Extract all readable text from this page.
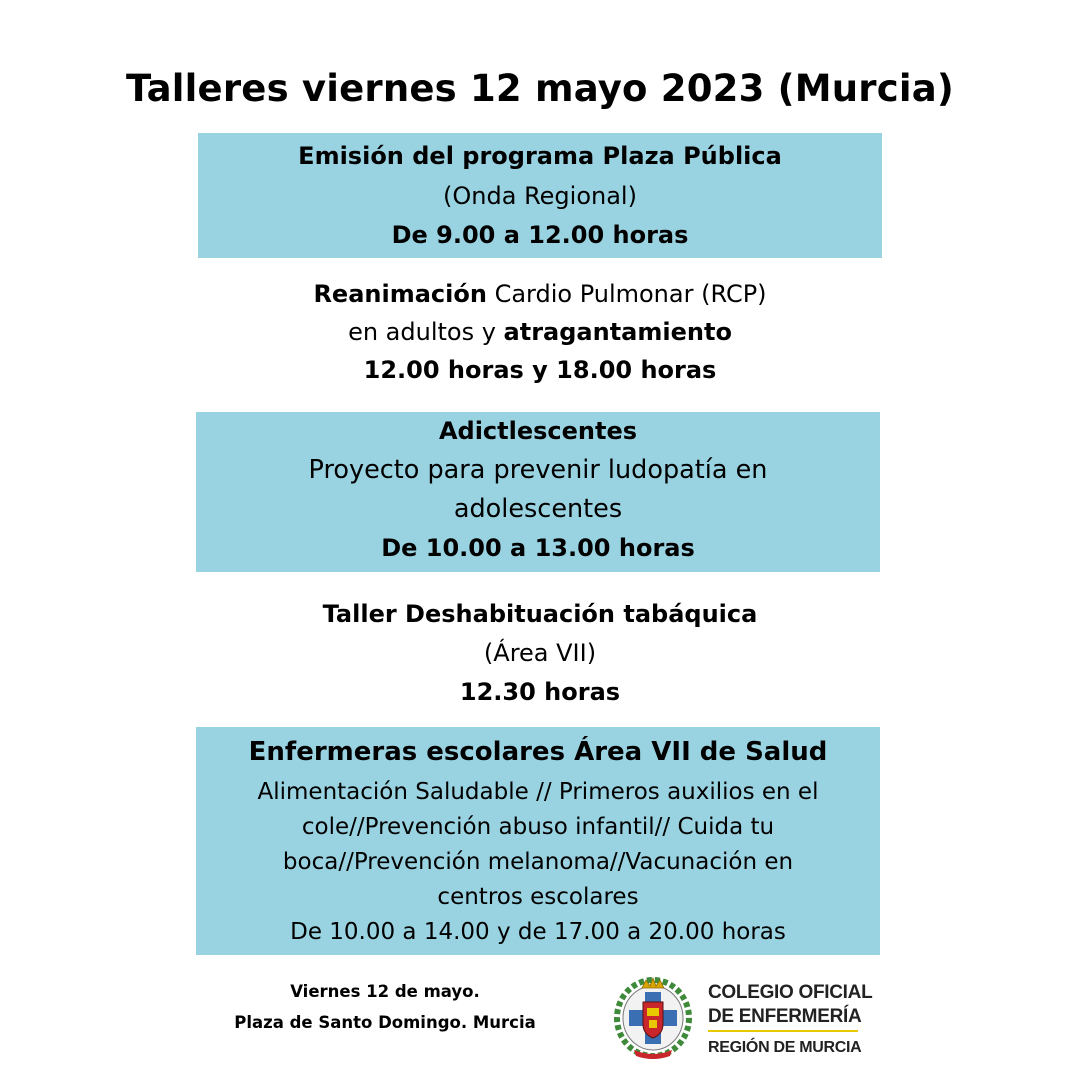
Talleres viernes 12 mayo 2023 (Murcia)
Emisión del programa Plaza Pública
(Onda Regional)
De 9.00 a 12.00 horas
Reanimación Cardio Pulmonar (RCP)
en adultos y atragantamiento
12.00 horas y 18.00 horas
Adictlescentes
Proyecto para prevenir ludopatía en
adolescentes
De 10.00 a 13.00 horas
Taller Deshabituación tabáquica
(Área VII)
12.30 horas
Enfermeras escolares Área VII de Salud
Alimentación Saludable // Primeros auxilios en el
cole//Prevención abuso infantil// Cuida tu
boca//Prevención melanoma//Vacunación en
centros escolares
De 10.00 a 14.00 y de 17.00 a 20.00 horas
Viernes 12 de mayo.
Plaza de Santo Domingo. Murcia
COLEGIO OFICIAL
DE ENFERMERÍA
REGIÓN DE MURCIA
